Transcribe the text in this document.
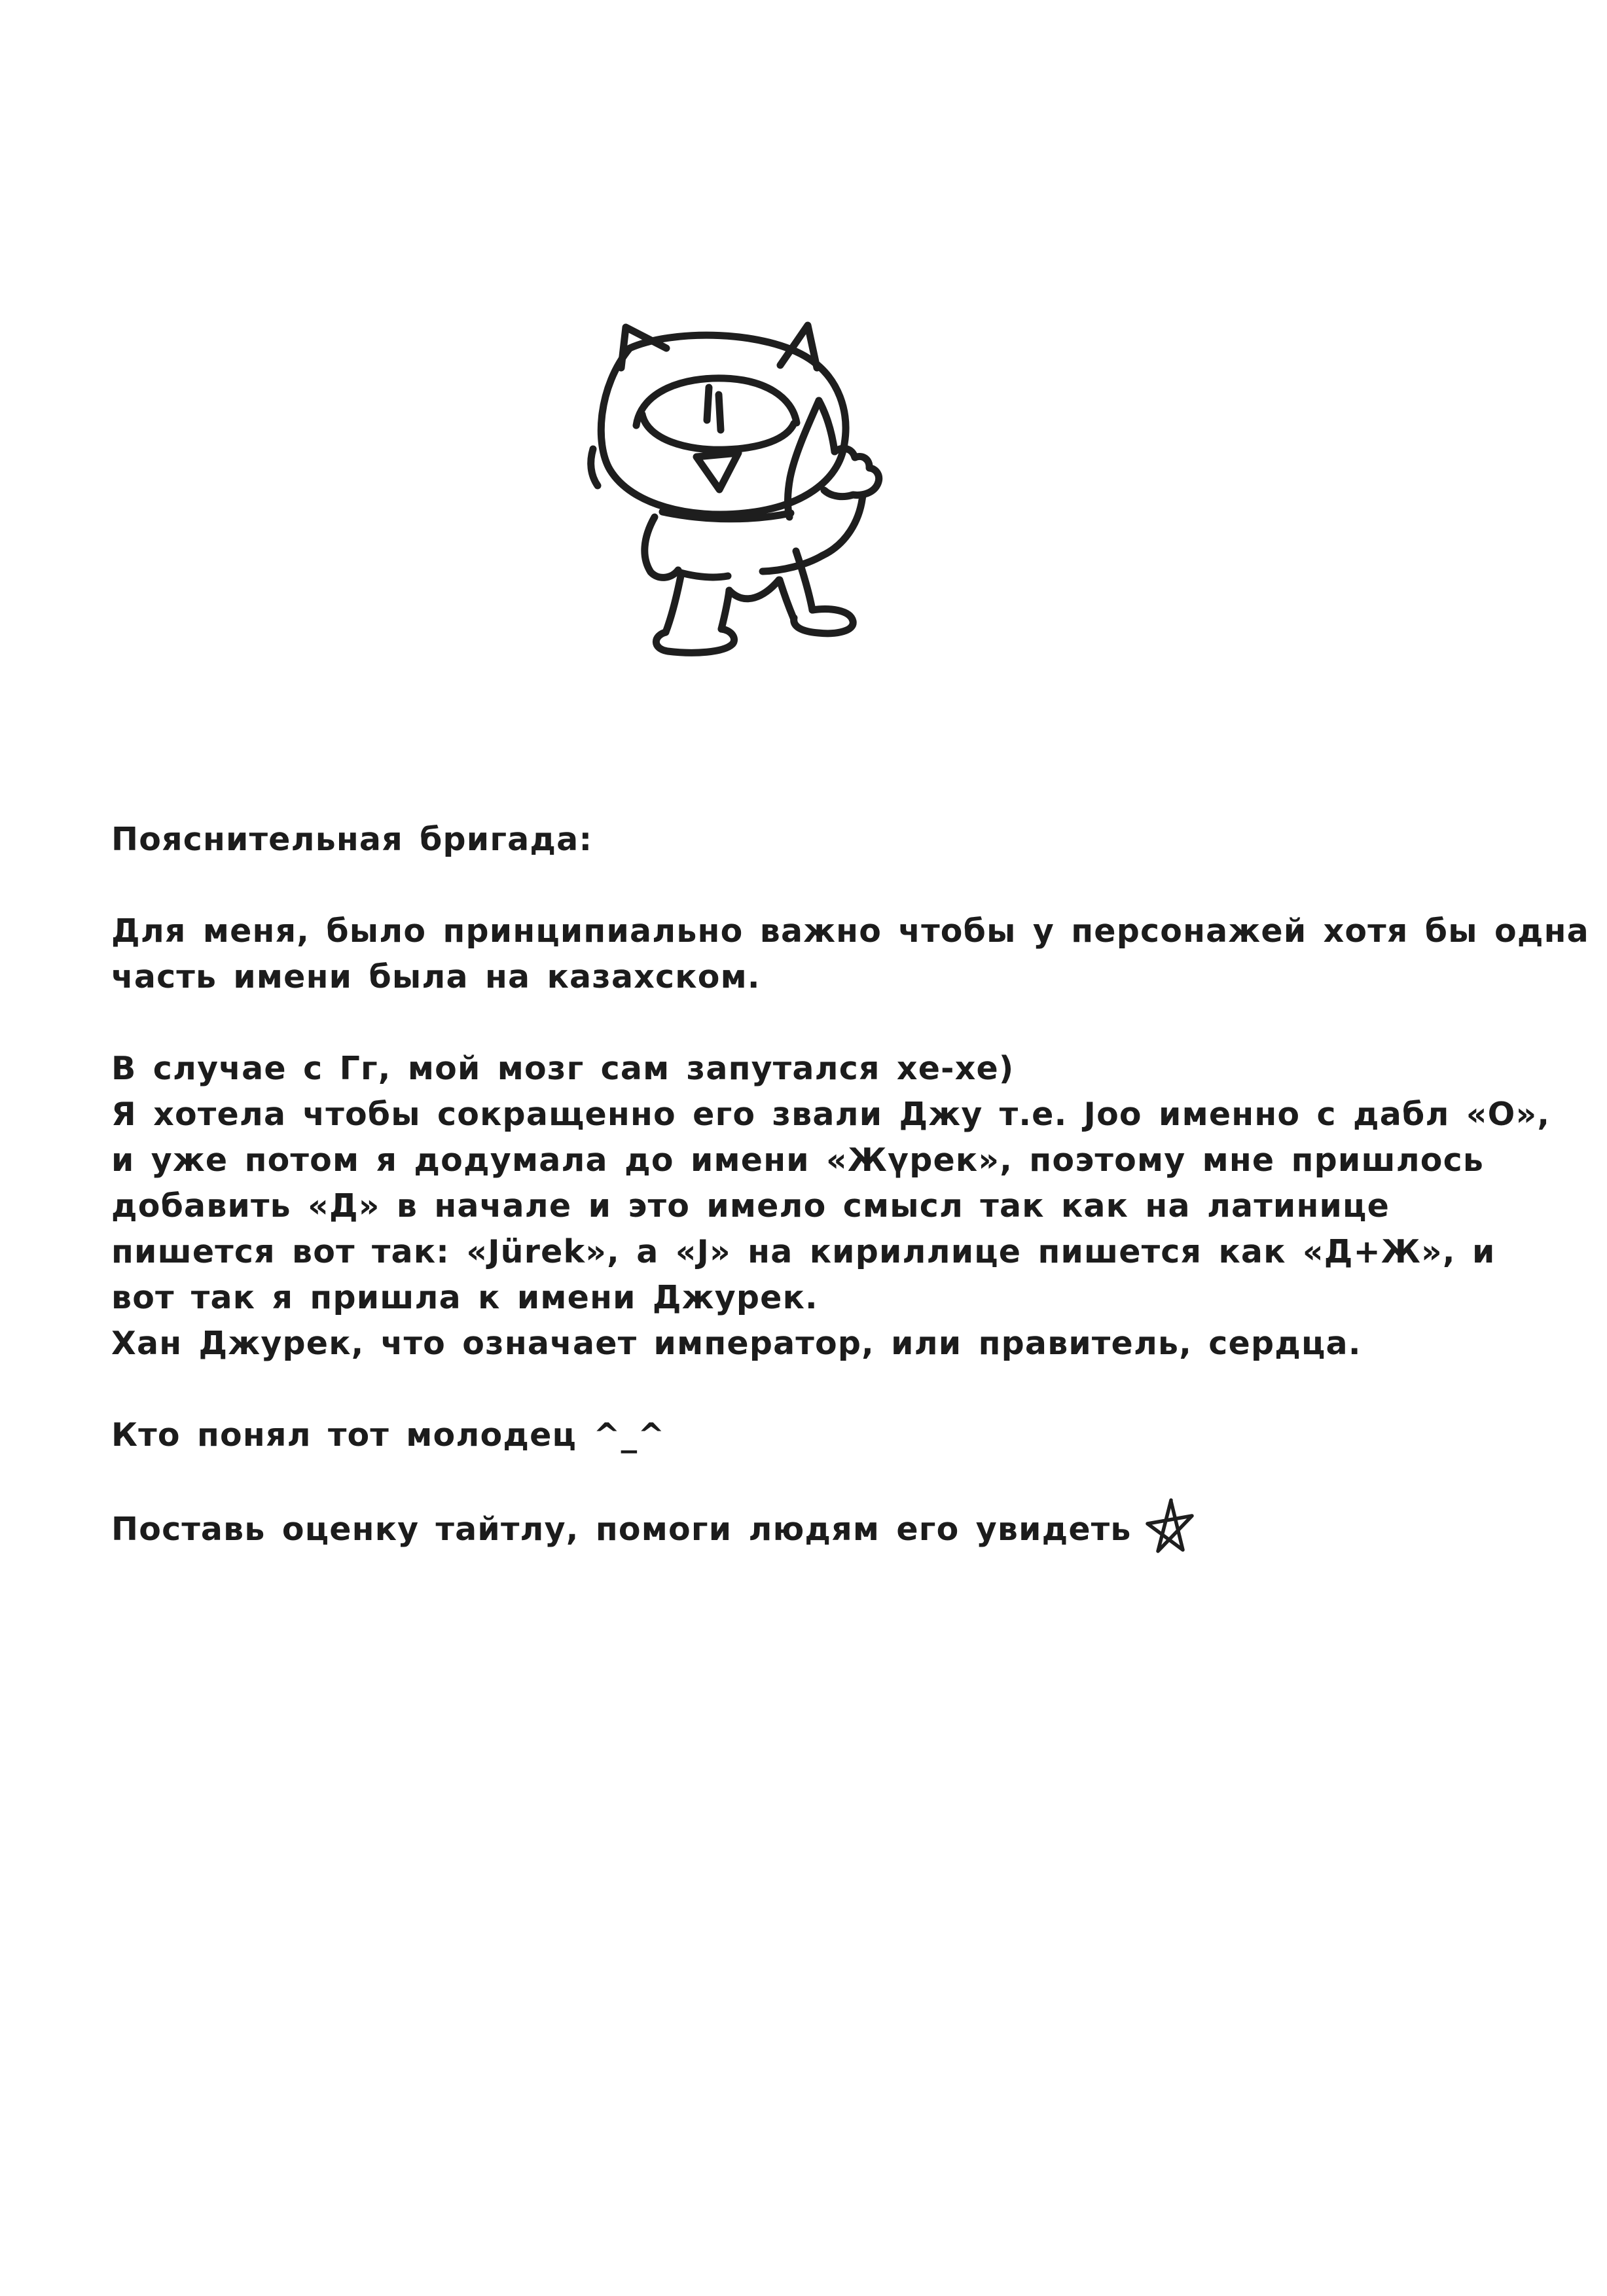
Пояснительная бригада:
Для меня, было принципиально важно чтобы у персонажей хотя бы одна
часть имени была на казахском.
В случае с Гг, мой мозг сам запутался хе-хе)
Я хотела чтобы сокращенно его звали Джу т.е. Joo именно с дабл «О»,
и уже потом я додумала до имени «Жүрек», поэтому мне пришлось
добавить «Д» в начале и это имело смысл так как на латинице
пишется вот так: «Jürek», а «J» на кириллице пишется как «Д+Ж», и
вот так я пришла к имени Джурек.
Хан Джурек, что означает император, или правитель, сердца.
Кто понял тот молодец ^_^
Поставь оценку тайтлу, помоги людям его увидеть
